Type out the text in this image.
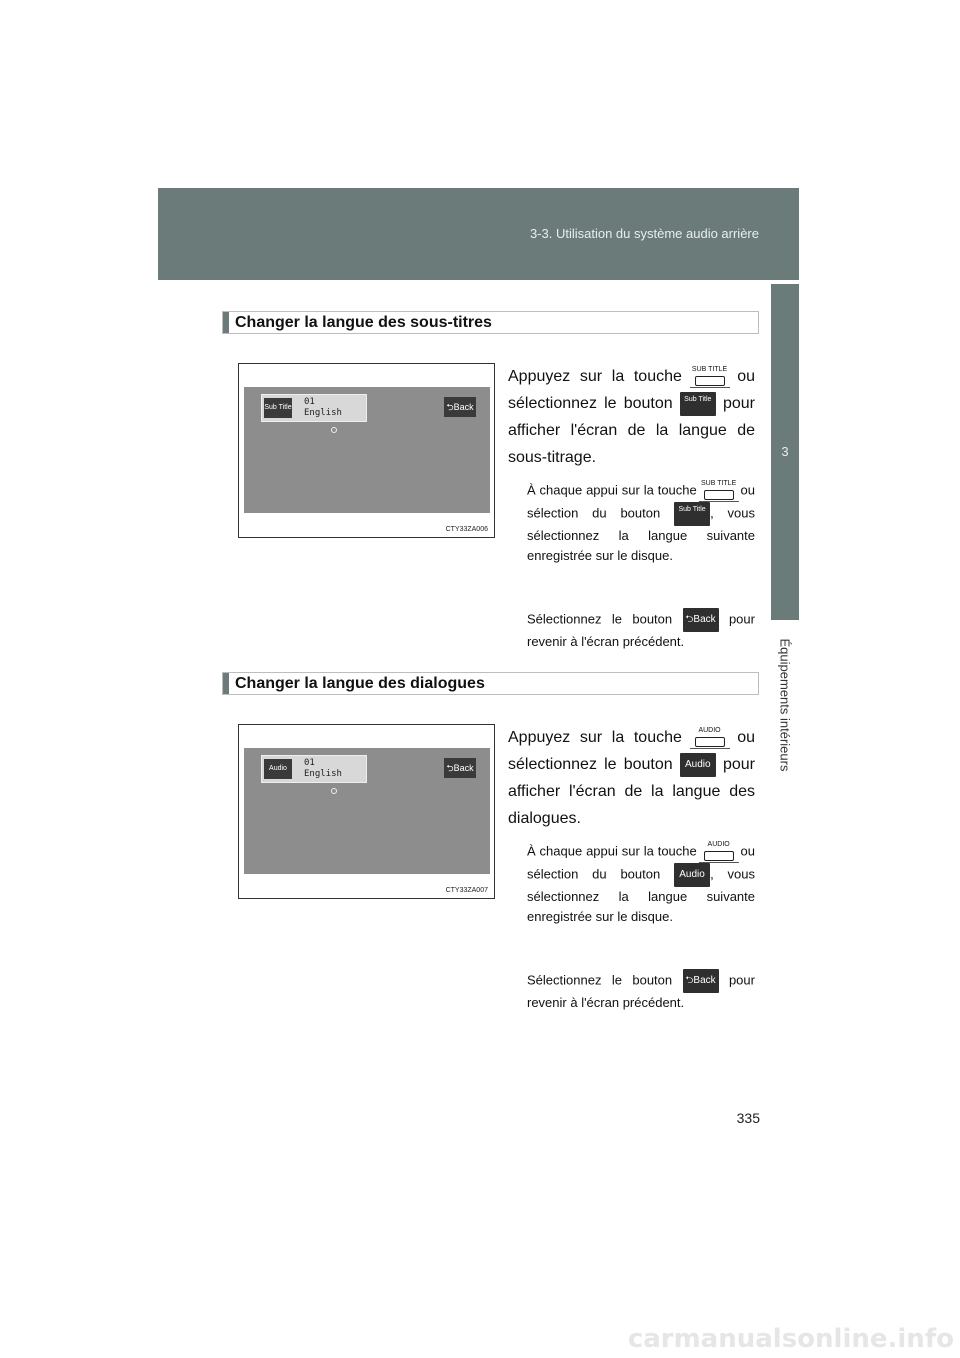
3-3. Utilisation du système audio arrière
3
Équipements intérieurs
Changer la langue des sous-titres
Sub Title
01
English
⮌Back
CTY33ZA006
Appuyez sur la touche SUB TITLE ou sélectionnez le bouton Sub Title pour afficher l'écran de la langue de sous-titrage.
À chaque appui sur la touche SUB TITLE ou sélection du bouton	Sub Title , vous sélectionnez la langue suivante enregistrée sur le disque.
Sélectionnez le bouton ⮌Back pour revenir à l'écran précédent.
Changer la langue des dialogues
Audio
01
English
⮌Back
CTY33ZA007
Appuyez sur la touche	AUDIO	ou sélectionnez le bouton Audio pour afficher l'écran de la langue des dialogues.
À chaque appui sur la touche	AUDIO ou sélection du bouton Audio , vous sélectionnez la langue suivante enregistrée sur le disque.
Sélectionnez le bouton ⮌Back pour revenir à l'écran précédent.
335
carmanualsonline.info
